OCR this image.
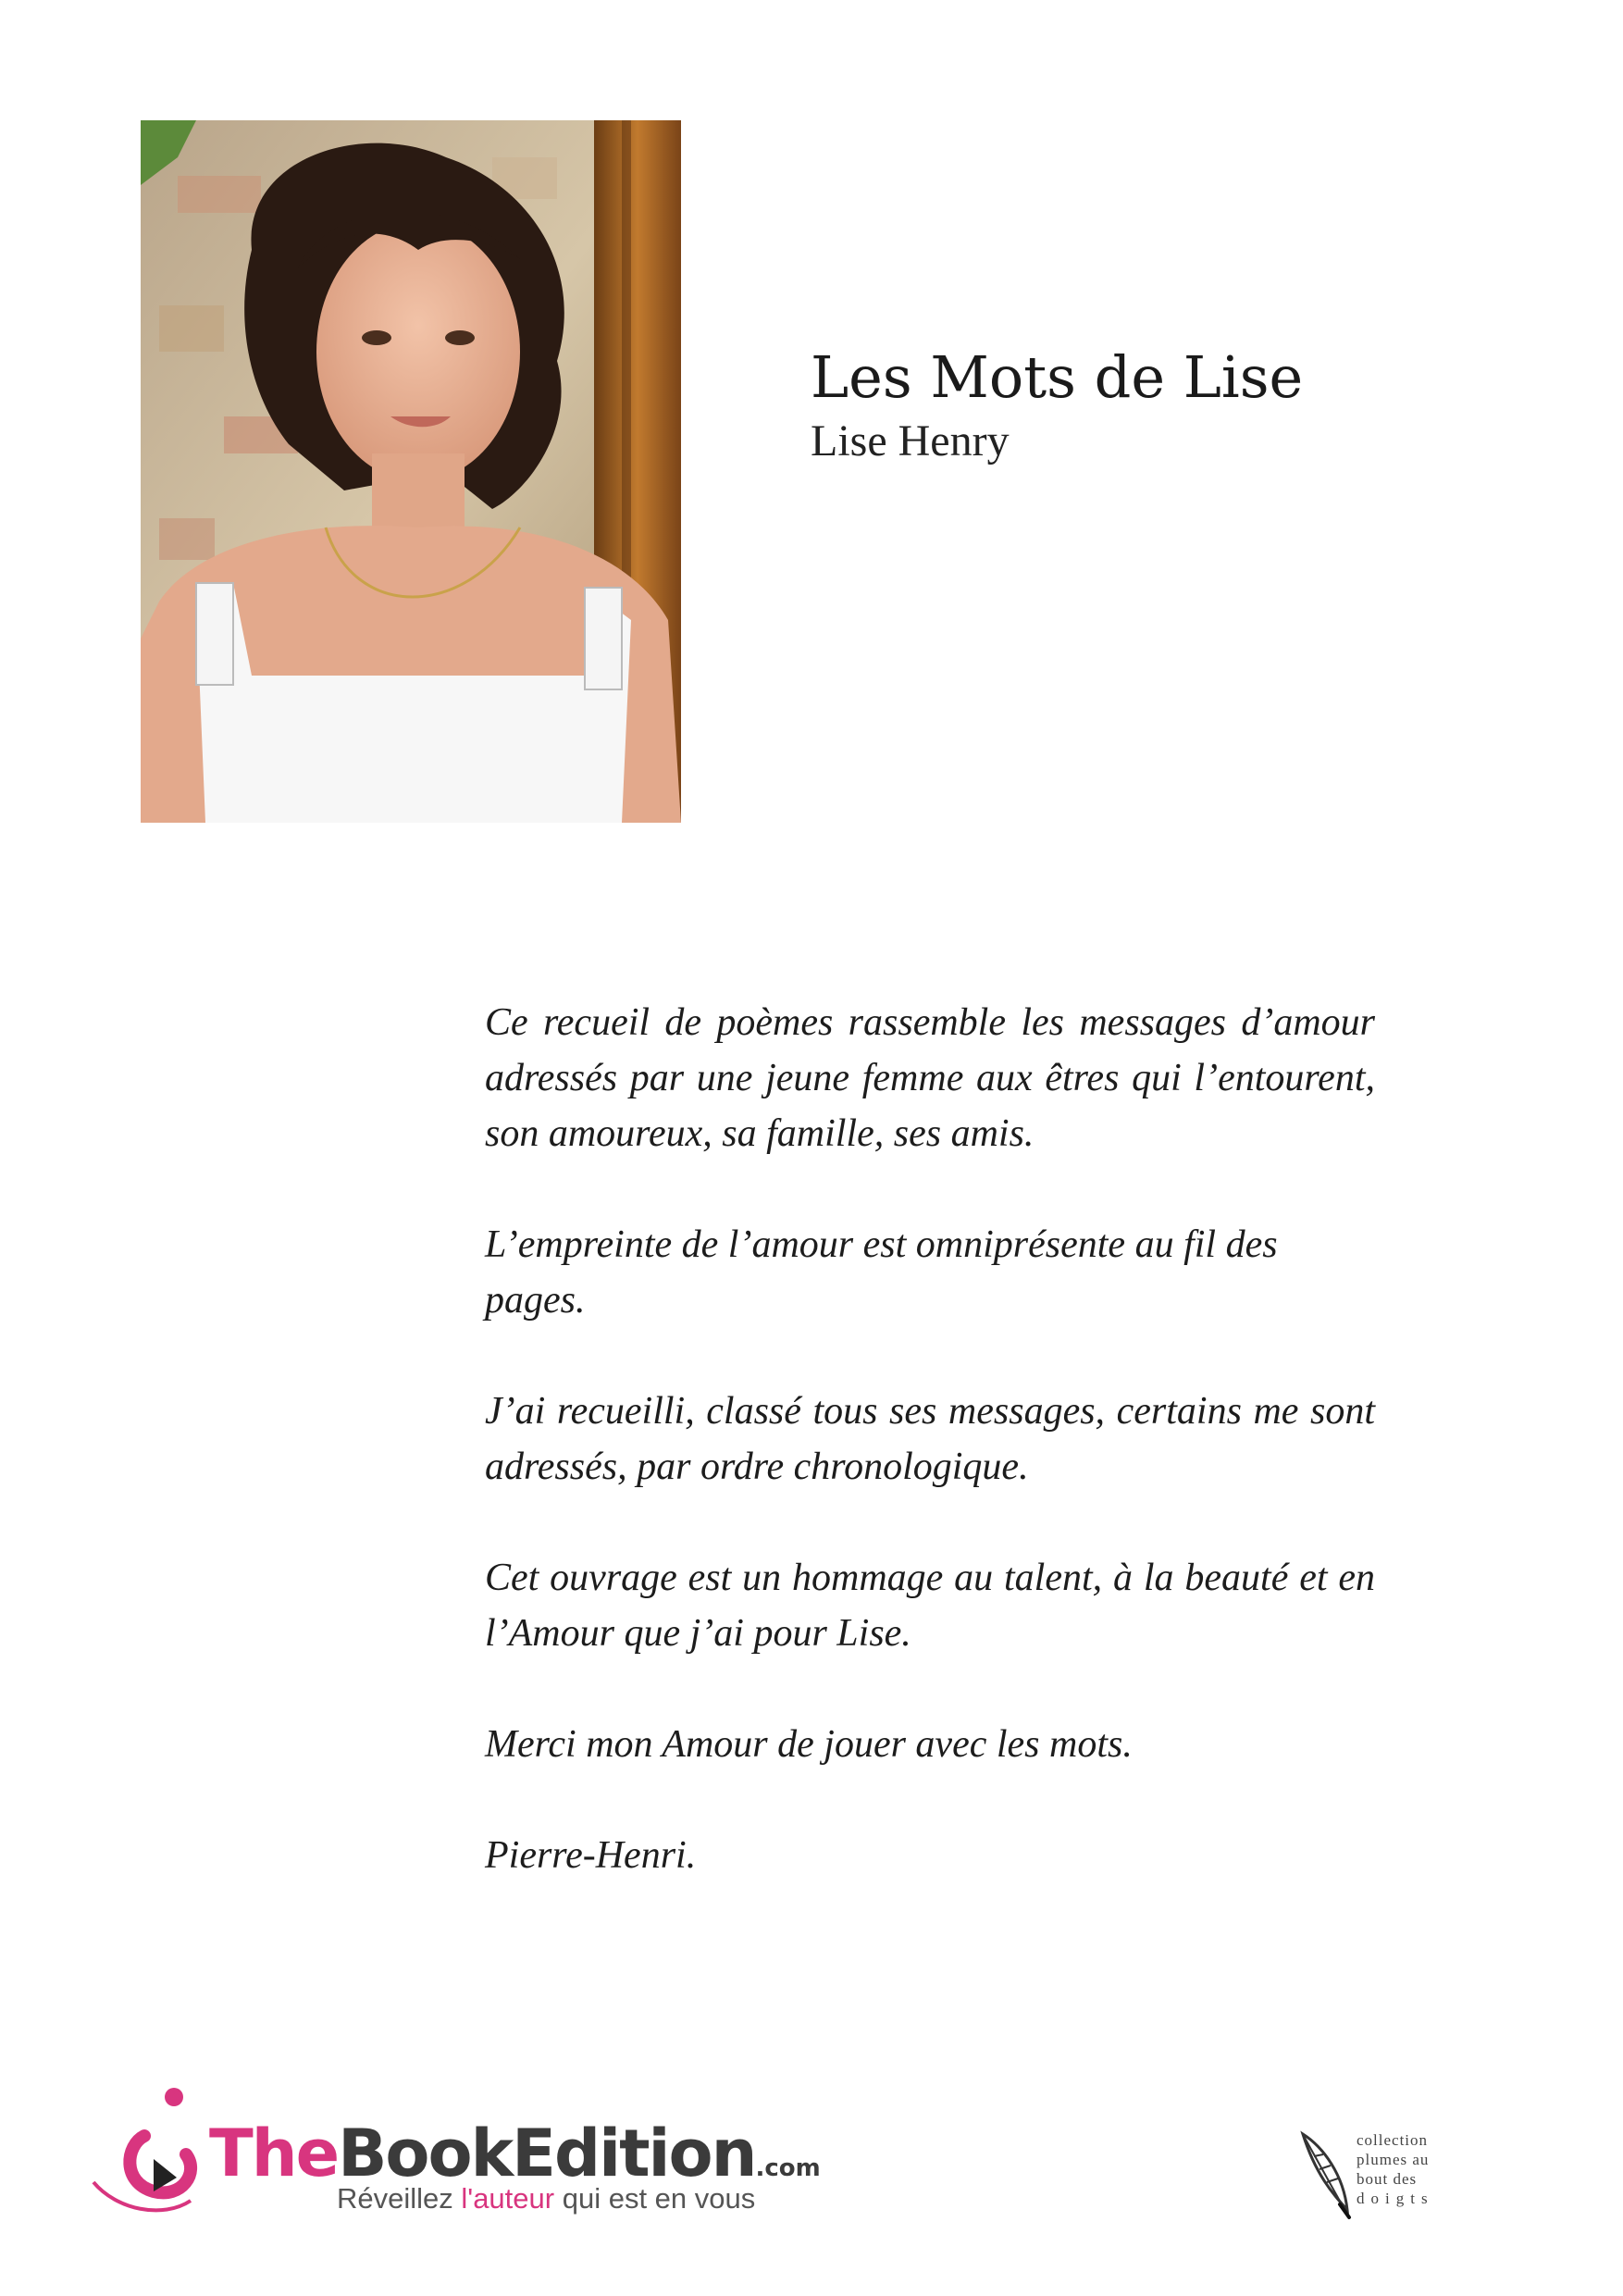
Les Mots de Lise
Lise Henry

Ce recueil de poèmes rassemble les messages d’amour adressés par une jeune femme aux êtres qui l’entourent, son amoureux, sa famille, ses amis.

L’empreinte de l’amour est omniprésente au fil des pages.

J’ai recueilli, classé tous ses messages, certains me sont adressés, par ordre chronologique.

Cet ouvrage est un hommage au talent, à la beauté et en l’Amour que j’ai pour Lise.

Merci mon Amour de jouer avec les mots.

Pierre-Henri.

TheBookEdition.com
Réveillez l'auteur qui est en vous
collection
plumes au
bout des
doigts
